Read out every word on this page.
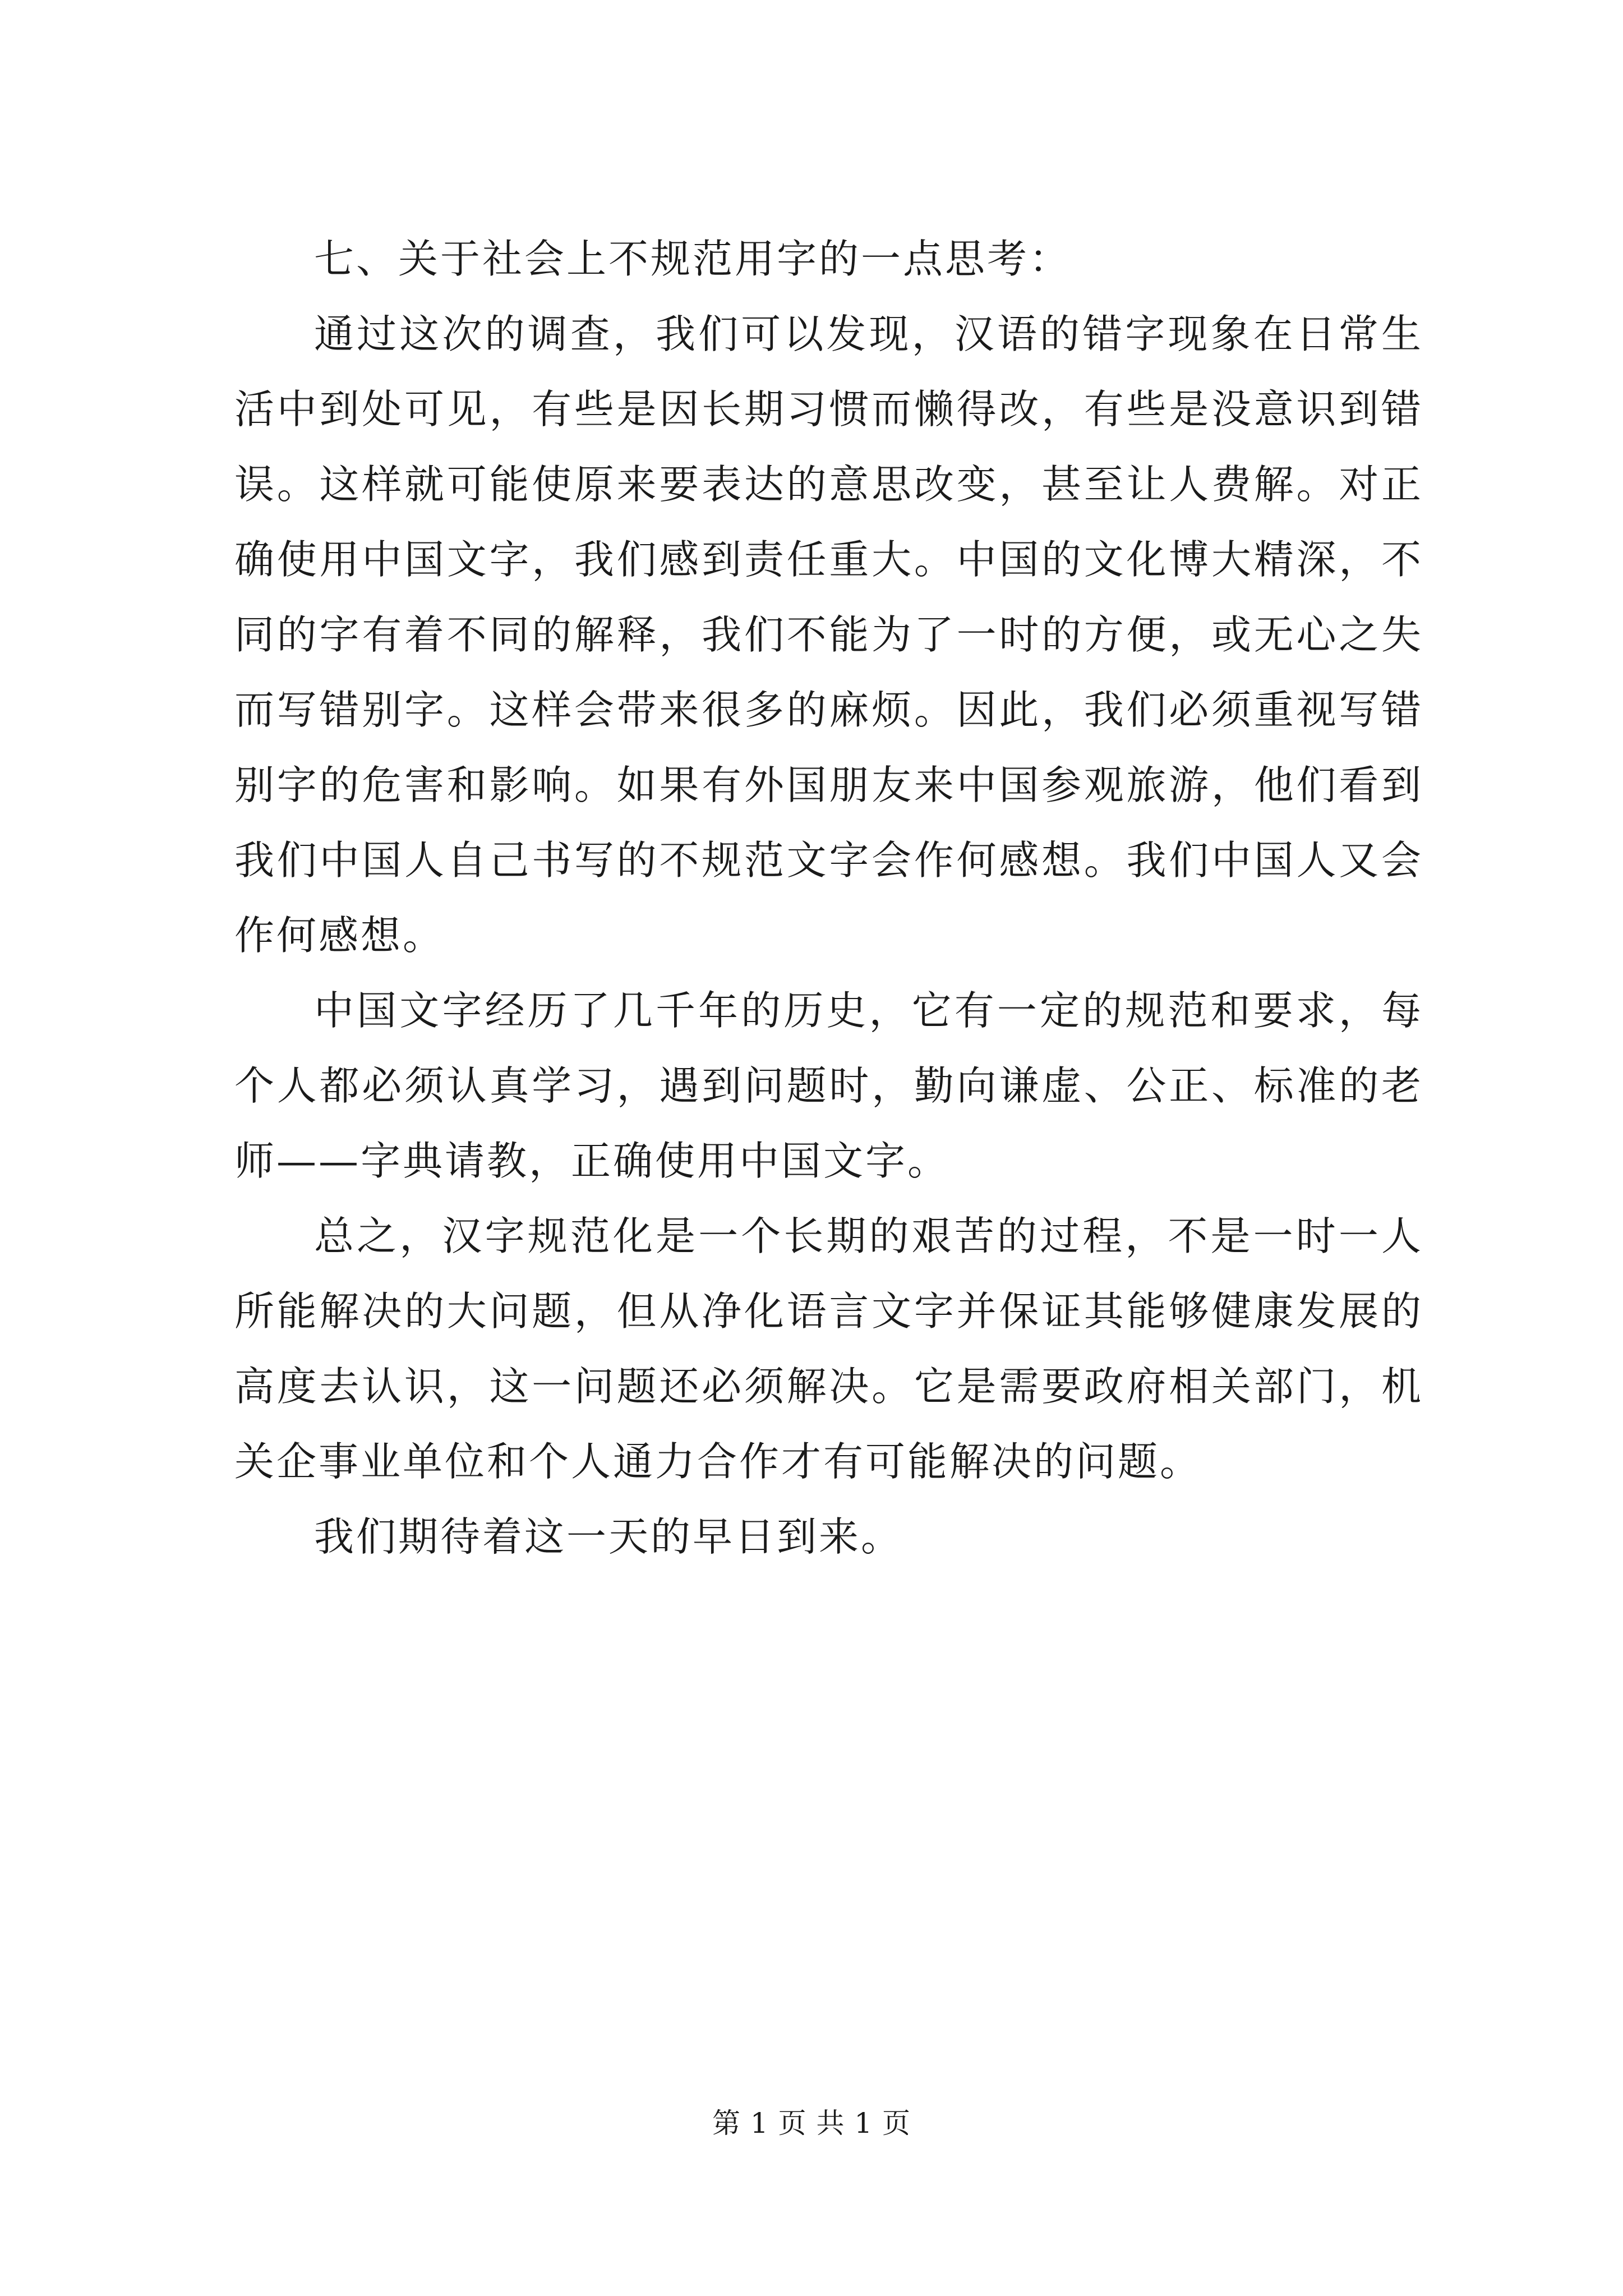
七、关于社会上不规范用字的一点思考：

通过这次的调查，我们可以发现，汉语的错字现象在日常生活中到处可见，有些是因长期习惯而懒得改，有些是没意识到错误。这样就可能使原来要表达的意思改变，甚至让人费解。对正确使用中国文字，我们感到责任重大。中国的文化博大精深，不同的字有着不同的解释，我们不能为了一时的方便，或无心之失而写错别字。这样会带来很多的麻烦。因此，我们必须重视写错别字的危害和影响。如果有外国朋友来中国参观旅游，他们看到我们中国人自己书写的不规范文字会作何感想。我们中国人又会作何感想。

中国文字经历了几千年的历史，它有一定的规范和要求，每个人都必须认真学习，遇到问题时，勤向谦虚、公正、标准的老师——字典请教，正确使用中国文字。

总之，汉字规范化是一个长期的艰苦的过程，不是一时一人所能解决的大问题，但从净化语言文字并保证其能够健康发展的高度去认识，这一问题还必须解决。它是需要政府相关部门，机关企事业单位和个人通力合作才有可能解决的问题。

我们期待着这一天的早日到来。

第 1 页 共 1 页
